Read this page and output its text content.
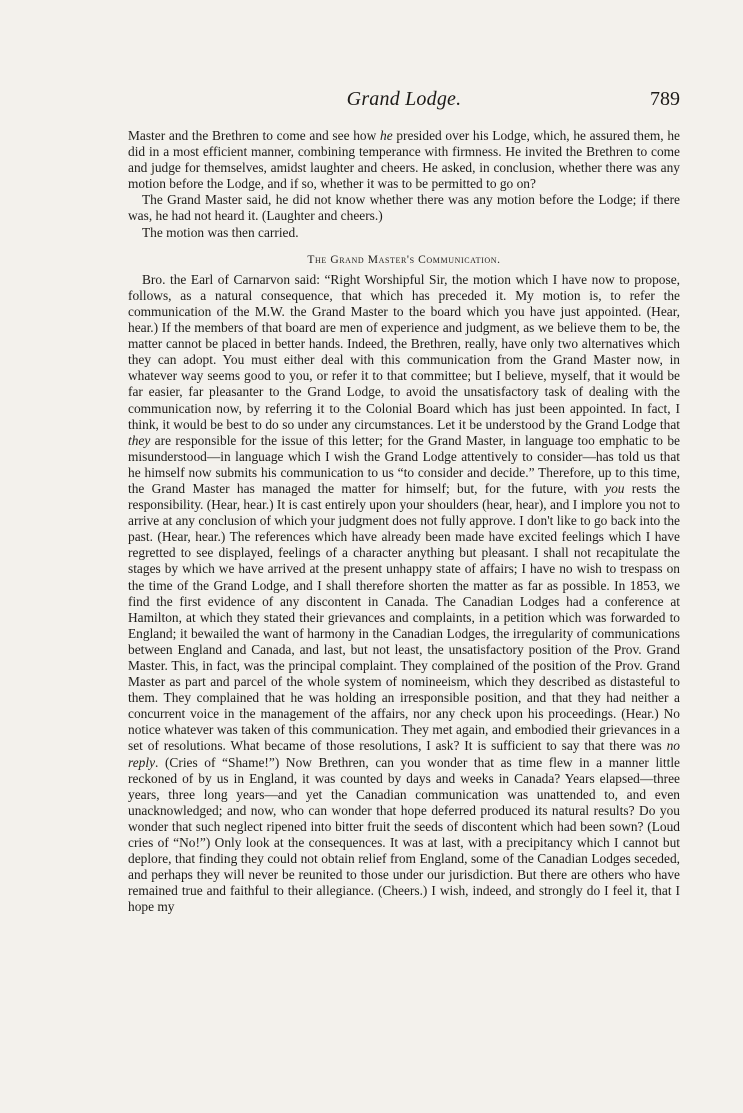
Grand Lodge.	789

Master and the Brethren to come and see how he presided over his Lodge, which, he assured them, he did in a most efficient manner, combining temperance with firmness. He invited the Brethren to come and judge for themselves, amidst laughter and cheers. He asked, in conclusion, whether there was any motion before the Lodge, and if so, whether it was to be permitted to go on?

The Grand Master said, he did not know whether there was any motion before the Lodge; if there was, he had not heard it. (Laughter and cheers.)

The motion was then carried.

The Grand Master's Communication.

Bro. the Earl of Carnarvon said: “Right Worshipful Sir, the motion which I have now to propose, follows, as a natural consequence, that which has preceded it. My motion is, to refer the communication of the M.W. the Grand Master to the board which you have just appointed. (Hear, hear.) If the members of that board are men of experience and judgment, as we believe them to be, the matter cannot be placed in better hands. Indeed, the Brethren, really, have only two alternatives which they can adopt. You must either deal with this communication from the Grand Master now, in whatever way seems good to you, or refer it to that committee; but I believe, myself, that it would be far easier, far pleasanter to the Grand Lodge, to avoid the unsatisfactory task of dealing with the communication now, by referring it to the Colonial Board which has just been appointed. In fact, I think, it would be best to do so under any circumstances. Let it be understood by the Grand Lodge that they are responsible for the issue of this letter; for the Grand Master, in language too emphatic to be misunderstood—in language which I wish the Grand Lodge attentively to consider—has told us that he himself now submits his communication to us “to consider and decide.” Therefore, up to this time, the Grand Master has managed the matter for himself; but, for the future, with you rests the responsibility. (Hear, hear.) It is cast entirely upon your shoulders (hear, hear), and I implore you not to arrive at any conclusion of which your judgment does not fully approve. I don't like to go back into the past. (Hear, hear.) The references which have already been made have excited feelings which I have regretted to see displayed, feelings of a character anything but pleasant. I shall not recapitulate the stages by which we have arrived at the present unhappy state of affairs; I have no wish to trespass on the time of the Grand Lodge, and I shall therefore shorten the matter as far as possible. In 1853, we find the first evidence of any discontent in Canada. The Canadian Lodges had a conference at Hamilton, at which they stated their grievances and complaints, in a petition which was forwarded to England; it bewailed the want of harmony in the Canadian Lodges, the irregularity of communications between England and Canada, and last, but not least, the unsatisfactory position of the Prov. Grand Master. This, in fact, was the principal complaint. They complained of the position of the Prov. Grand Master as part and parcel of the whole system of nomineeism, which they described as distasteful to them. They complained that he was holding an irresponsible position, and that they had neither a concurrent voice in the management of the affairs, nor any check upon his proceedings. (Hear.) No notice whatever was taken of this communication. They met again, and embodied their grievances in a set of resolutions. What became of those resolutions, I ask? It is sufficient to say that there was no reply. (Cries of “Shame!”) Now Brethren, can you wonder that as time flew in a manner little reckoned of by us in England, it was counted by days and weeks in Canada? Years elapsed—three years, three long years—and yet the Canadian communication was unattended to, and even unacknowledged; and now, who can wonder that hope deferred produced its natural results? Do you wonder that such neglect ripened into bitter fruit the seeds of discontent which had been sown? (Loud cries of “No!”) Only look at the consequences. It was at last, with a precipitancy which I cannot but deplore, that finding they could not obtain relief from England, some of the Canadian Lodges seceded, and perhaps they will never be reunited to those under our jurisdiction. But there are others who have remained true and faithful to their allegiance. (Cheers.) I wish, indeed, and strongly do I feel it, that I hope my
